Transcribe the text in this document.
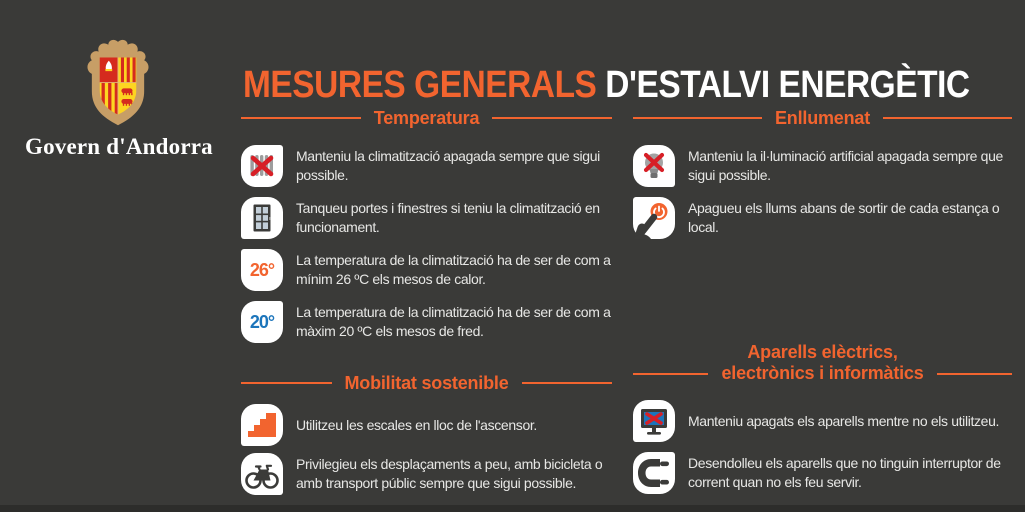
Govern d'Andorra
MESURES GENERALS D'ESTALVI ENERGÈTIC
Temperatura

Manteniu la climatització apagada sempre que sigui possible.

Tanqueu portes i finestres si teniu la climatització en funcionament.

26°	La temperatura de la climatització ha de ser de com a mínim 26 ºC els mesos de calor.

20°	La temperatura de la climatització ha de ser de com a màxim 20 ºC els mesos de fred.

Mobilitat sostenible

Utilitzeu les escales en lloc de l'ascensor.

Privilegieu els desplaçaments a peu, amb bicicleta o amb transport públic sempre que sigui possible.

Enllumenat

Manteniu la il·luminació artificial apagada sempre que sigui possible.

Apagueu els llums abans de sortir de cada estança o local.

Aparells elèctrics,
electrònics i informàtics

Manteniu apagats els aparells mentre no els utilitzeu.

Desendolleu els aparells que no tinguin interruptor de corrent quan no els feu servir.
